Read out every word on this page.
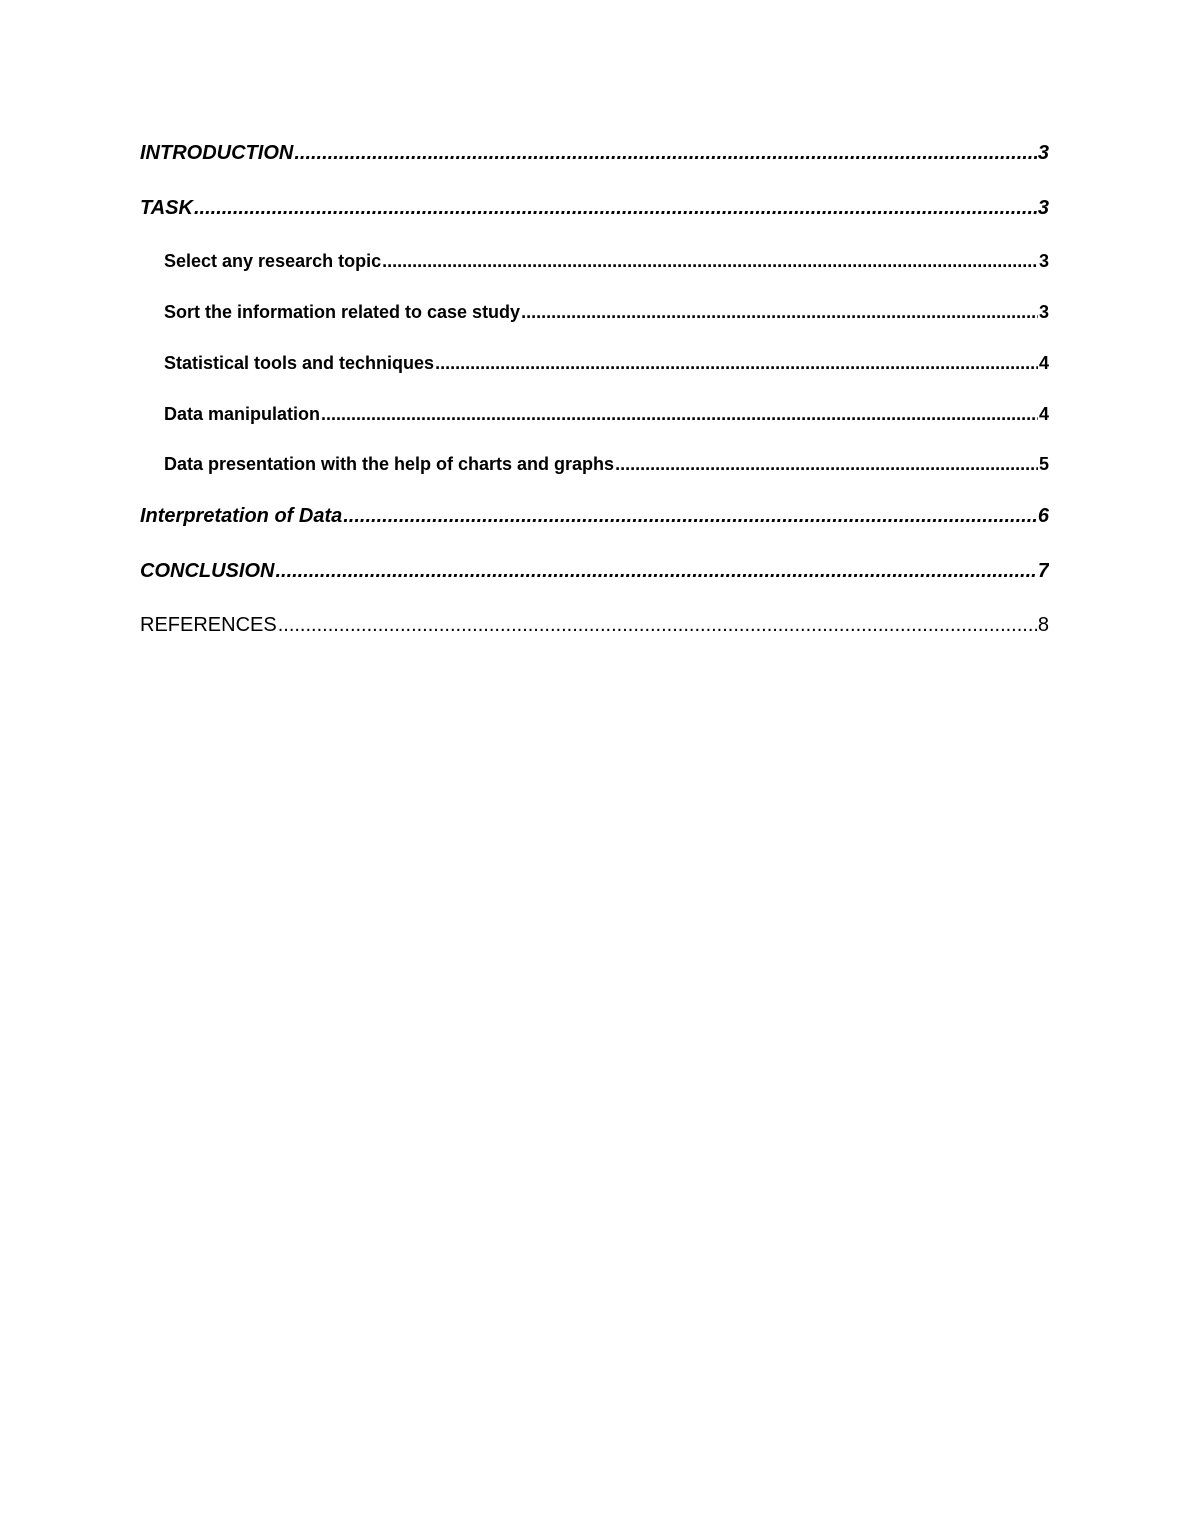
INTRODUCTION .....	3
TASK .....	3
Select any research topic .....	3
Sort the information related to case study .....	3
Statistical tools and techniques .....	4
Data manipulation .....	4
Data presentation with the help of charts and graphs .....	5
Interpretation of Data .....	6
CONCLUSION .....	7
REFERENCES .....	8
